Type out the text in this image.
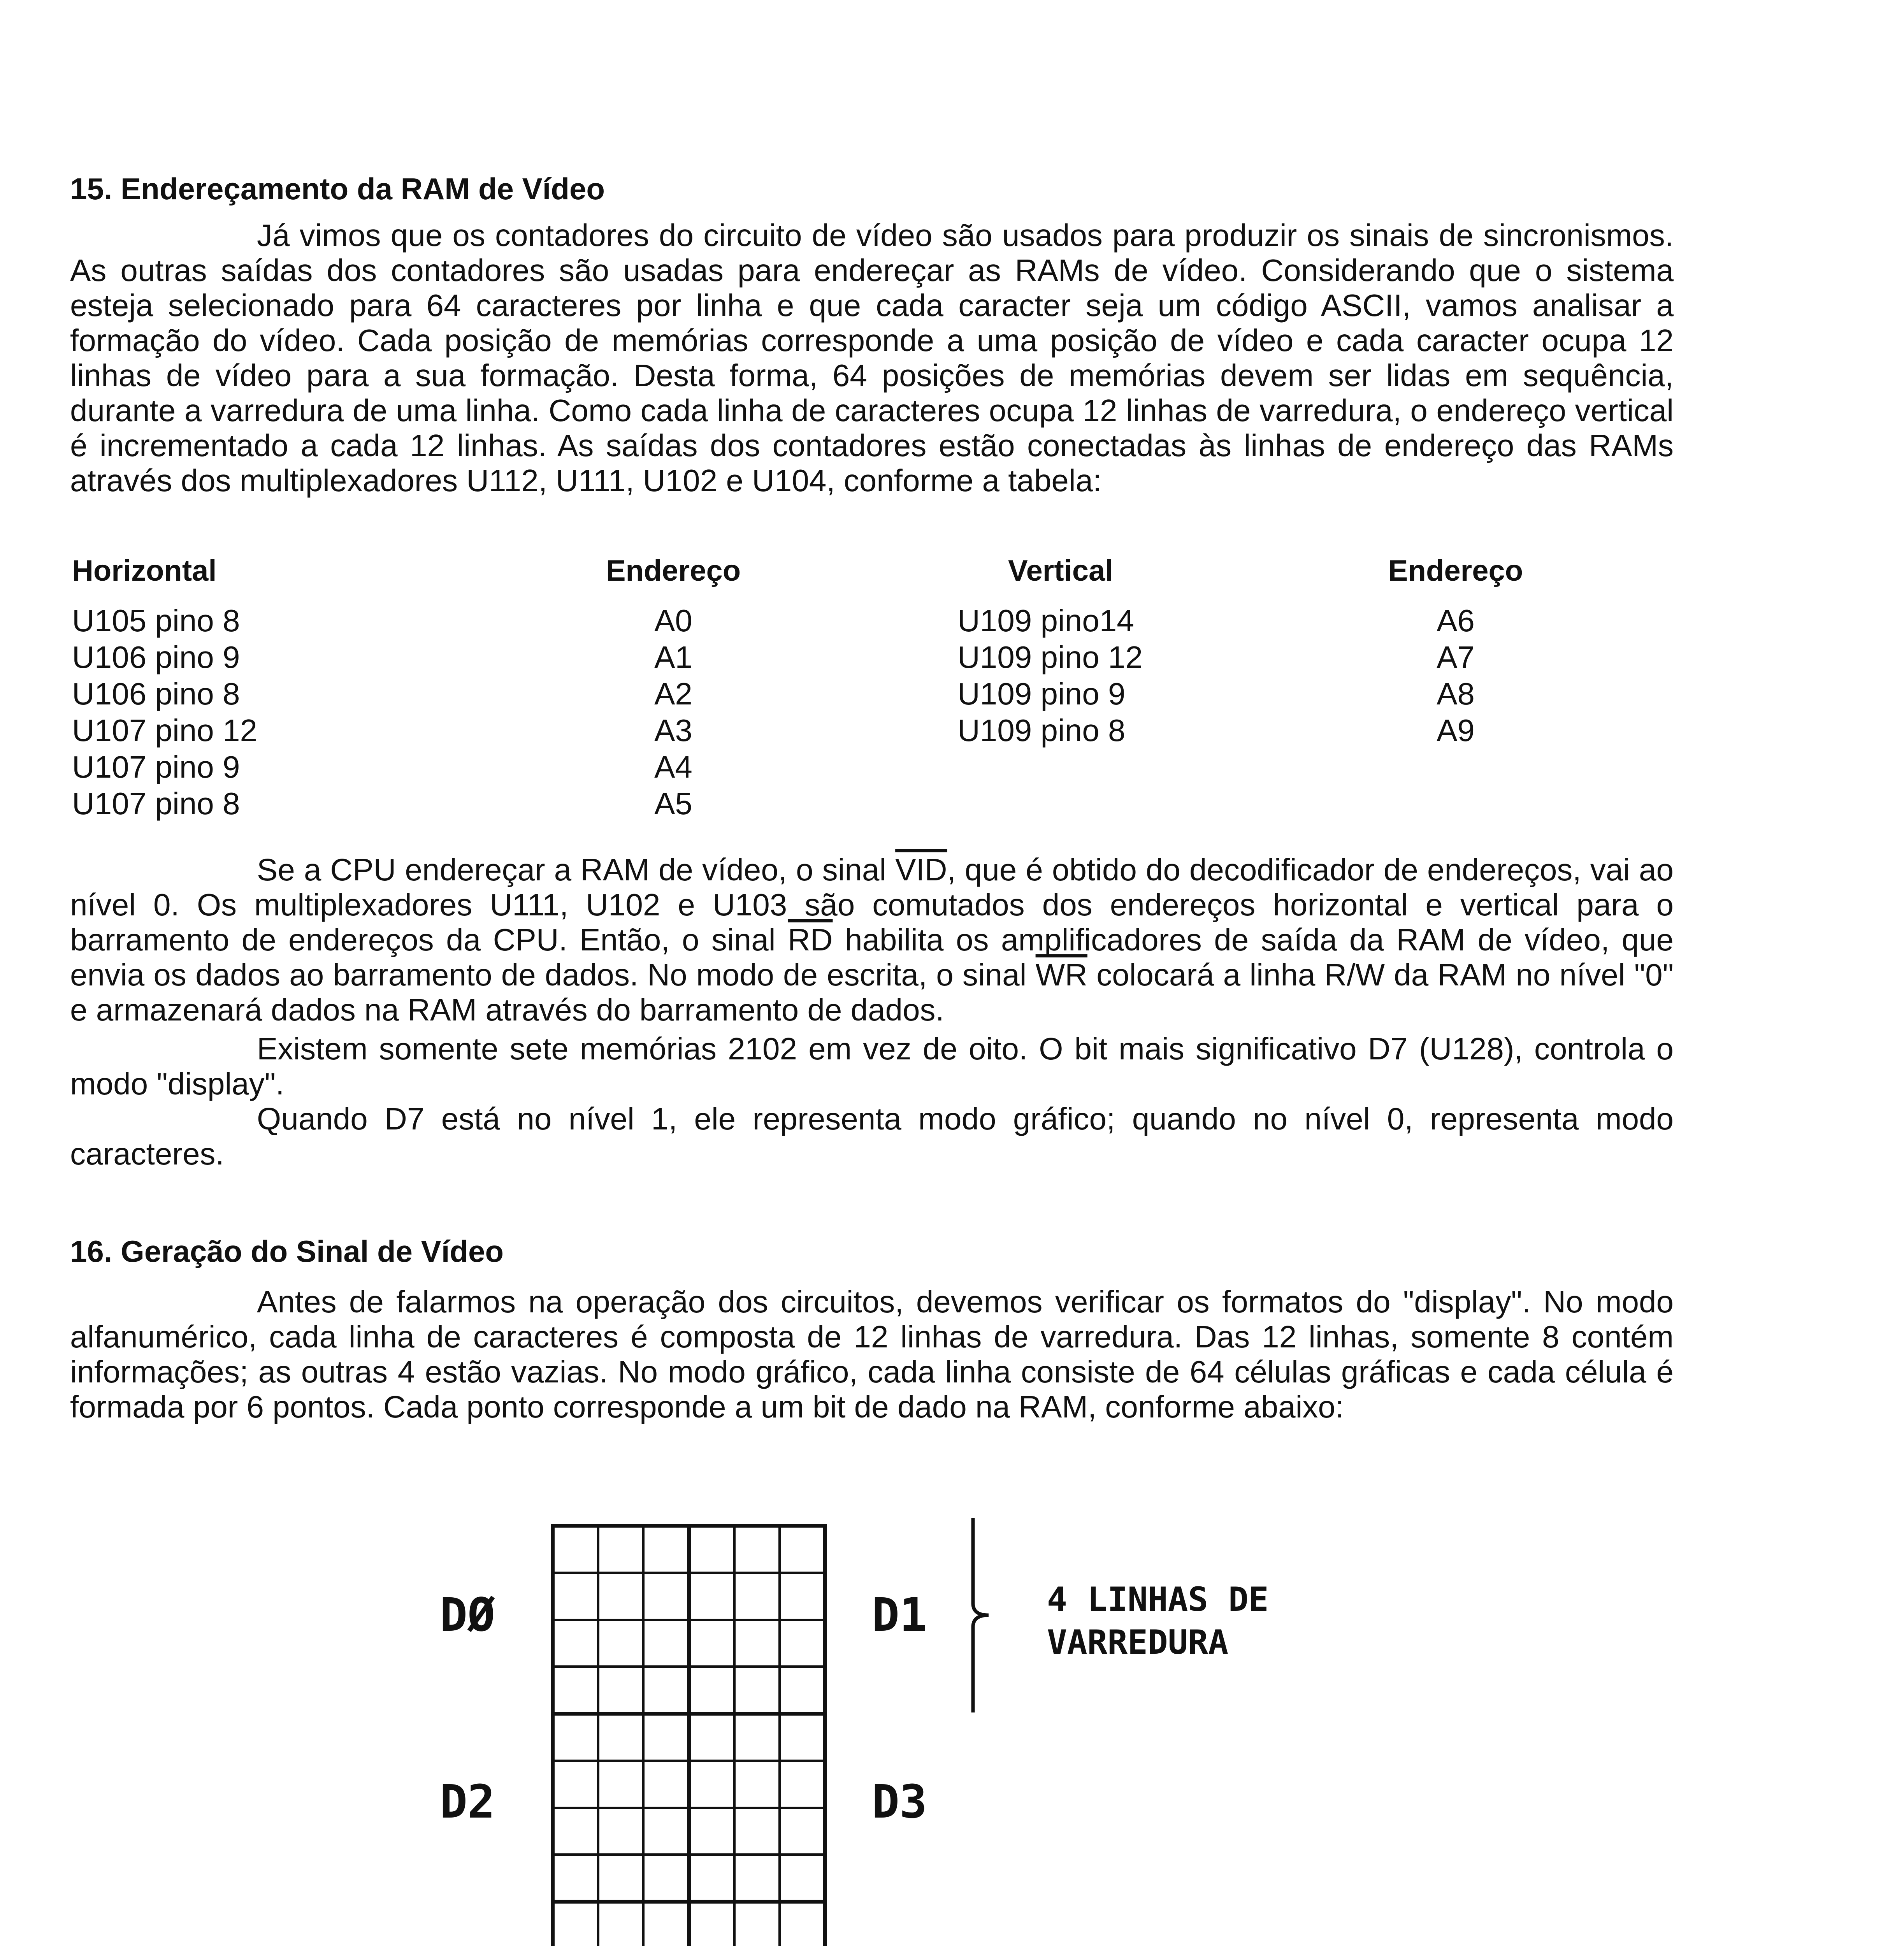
15. Endereçamento da RAM de Vídeo
Já vimos que os contadores do circuito de vídeo são usados para produzir os sinais de sincronismos. As outras saídas dos contadores são usadas para endereçar as RAMs de vídeo. Considerando que o sistema esteja selecionado para 64 caracteres por linha e que cada caracter seja um código ASCII, vamos analisar a formação do vídeo. Cada posição de memórias corresponde a uma posição de vídeo e cada caracter ocupa 12 linhas de vídeo para a sua formação. Desta forma, 64 posições de memórias devem ser lidas em sequência, durante a varredura de uma linha. Como cada linha de caracteres ocupa 12 linhas de varredura, o endereço vertical é incrementado a cada 12 linhas. As saídas dos contadores estão conectadas às linhas de endereço das RAMs através dos multiplexadores U112, U111, U102 e U104, conforme a tabela:
Horizontal
U105 pino 8
U106 pino 9
U106 pino 8
U107 pino 12
U107 pino 9
U107 pino 8
Endereço
A0
A1
A2
A3
A4
A5
Vertical
U109 pino14
U109 pino 12
U109 pino 9
U109 pino 8
Endereço
A6
A7
A8
A9
Se a CPU endereçar a RAM de vídeo, o sinal $\overline{VID}$, que é obtido do decodificador de endereços, vai ao nível 0. Os multiplexadores U111, U102 e U103 são comutados dos endereços horizontal e vertical para o barramento de endereços da CPU. Então, o sinal $\overline{RD}$ habilita os amplificadores de saída da RAM de vídeo, que envia os dados ao barramento de dados. No modo de escrita, o sinal $\overline{WR}$ colocará a linha R/W da RAM no nível "0" e armazenará dados na RAM através do barramento de dados.
Existem somente sete memórias 2102 em vez de oito. O bit mais significativo D7 (U128), controla o modo "display".
Quando D7 está no nível 1, ele representa modo gráfico; quando no nível 0, representa modo caracteres.
16. Geração do Sinal de Vídeo
Antes de falarmos na operação dos circuitos, devemos verificar os formatos do "display". No modo alfanumérico, cada linha de caracteres é composta de 12 linhas de varredura. Das 12 linhas, somente 8 contém informações; as outras 4 estão vazias. No modo gráfico, cada linha consiste de 64 células gráficas e cada célula é formada por 6 pontos. Cada ponto corresponde a um bit de dado na RAM, conforme abaixo:
DØ
D2
D1
D3
4 LINHAS DE
VARREDURA
